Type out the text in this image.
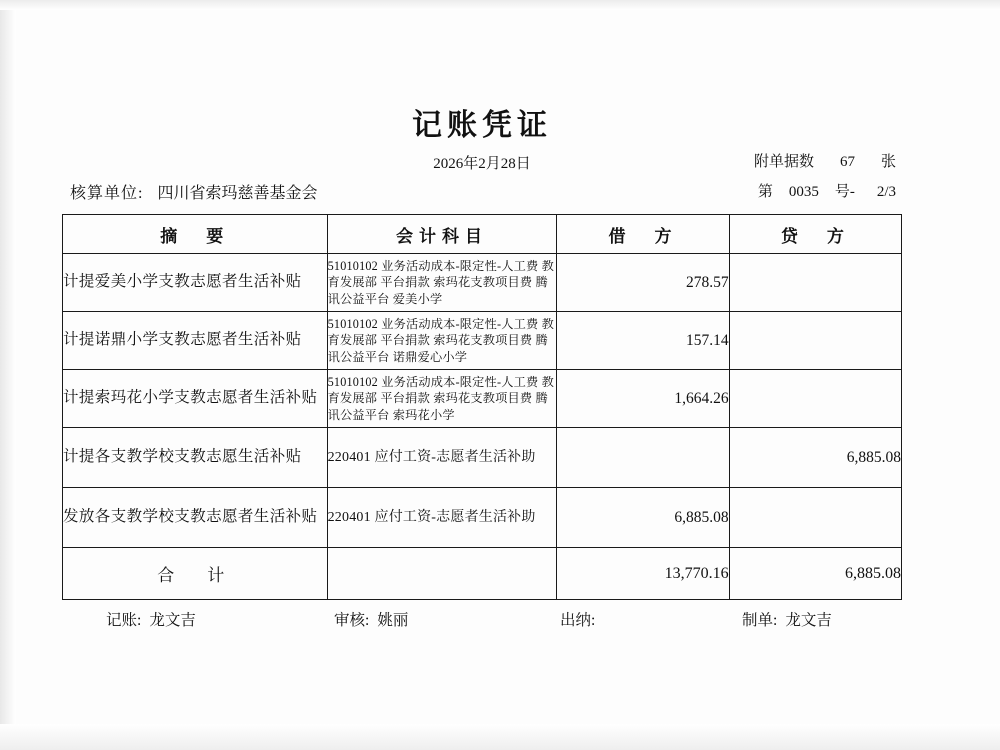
记账凭证
2026年2月28日	附单据数 67 张
核算单位: 四川省索玛慈善基金会	第 0035 号- 2/3
摘　要	会计科目	借　方	贷　方
计提爱美小学支教志愿者生活补贴	51010102 业务活动成本-限定性-人工费 教育发展部 平台捐款 索玛花支教项目费 腾讯公益平台 爱美小学	278.57	
计提诺鼎小学支教志愿者生活补贴	51010102 业务活动成本-限定性-人工费 教育发展部 平台捐款 索玛花支教项目费 腾讯公益平台 诺鼎爱心小学	157.14	
计提索玛花小学支教志愿者生活补贴	51010102 业务活动成本-限定性-人工费 教育发展部 平台捐款 索玛花支教项目费 腾讯公益平台 索玛花小学	1,664.26	
计提各支教学校支教志愿生活补贴	220401 应付工资-志愿者生活补助		6,885.08
发放各支教学校支教志愿者生活补贴	220401 应付工资-志愿者生活补助	6,885.08	
合　计		13,770.16	6,885.08
记账: 龙文吉	审核: 姚丽	出纳:	制单: 龙文吉
